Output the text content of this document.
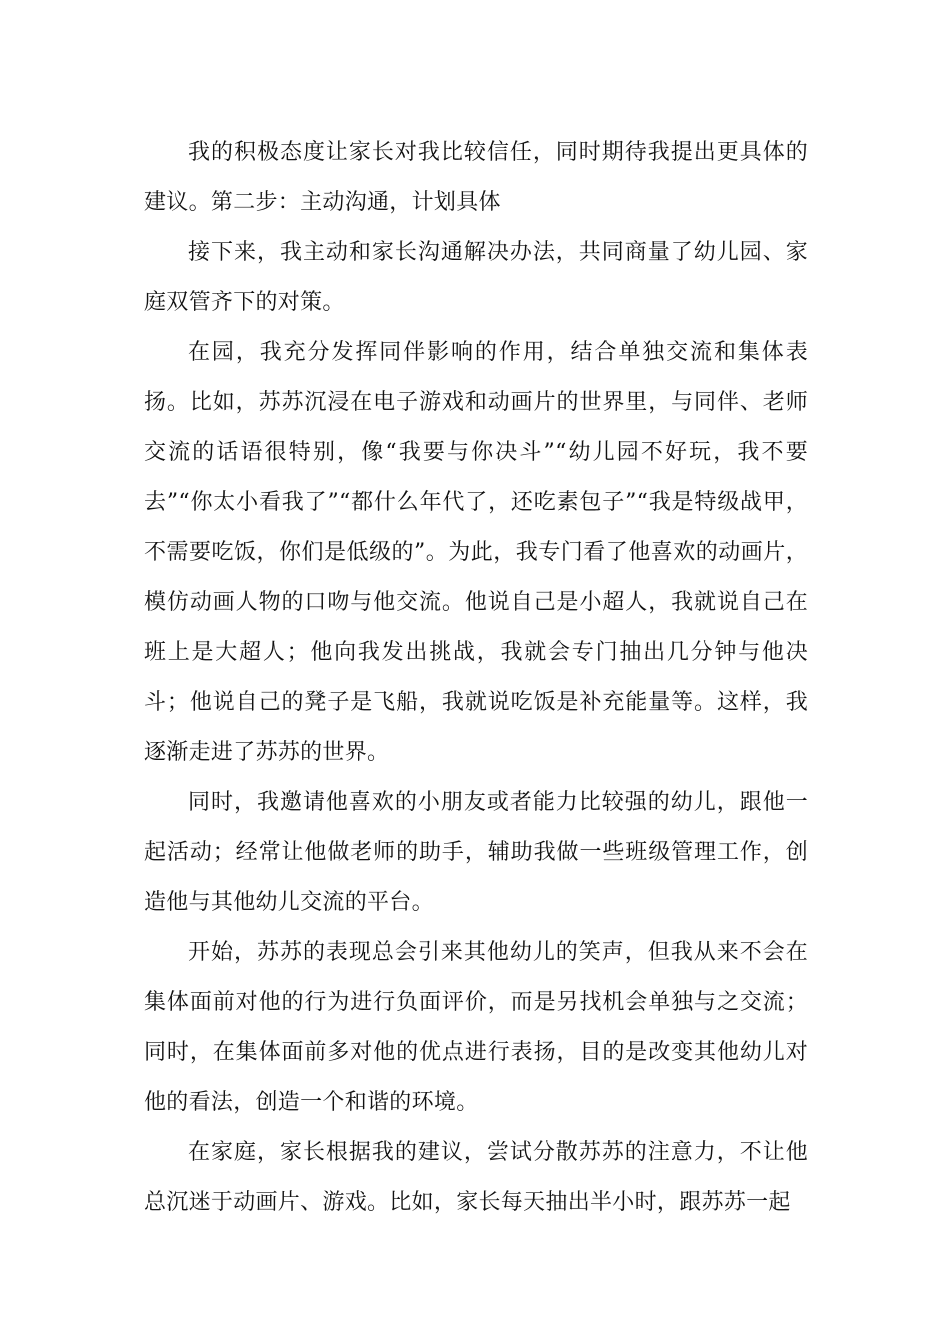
我的积极态度让家长对我比较信任，同时期待我提出更具体的建议。第二步：主动沟通，计划具体

接下来，我主动和家长沟通解决办法，共同商量了幼儿园、家庭双管齐下的对策。

在园，我充分发挥同伴影响的作用，结合单独交流和集体表扬。比如，苏苏沉浸在电子游戏和动画片的世界里，与同伴、老师交流的话语很特别，像“我要与你决斗”“幼儿园不好玩，我不要去”“你太小看我了”“都什么年代了，还吃素包子”“我是特级战甲，不需要吃饭，你们是低级的”。为此，我专门看了他喜欢的动画片，模仿动画人物的口吻与他交流。他说自己是小超人，我就说自己在班上是大超人；他向我发出挑战，我就会专门抽出几分钟与他决斗；他说自己的凳子是飞船，我就说吃饭是补充能量等。这样，我逐渐走进了苏苏的世界。

同时，我邀请他喜欢的小朋友或者能力比较强的幼儿，跟他一起活动；经常让他做老师的助手，辅助我做一些班级管理工作，创造他与其他幼儿交流的平台。

开始，苏苏的表现总会引来其他幼儿的笑声，但我从来不会在集体面前对他的行为进行负面评价，而是另找机会单独与之交流；同时，在集体面前多对他的优点进行表扬，目的是改变其他幼儿对他的看法，创造一个和谐的环境。

在家庭，家长根据我的建议，尝试分散苏苏的注意力，不让他总沉迷于动画片、游戏。比如，家长每天抽出半小时，跟苏苏一起
